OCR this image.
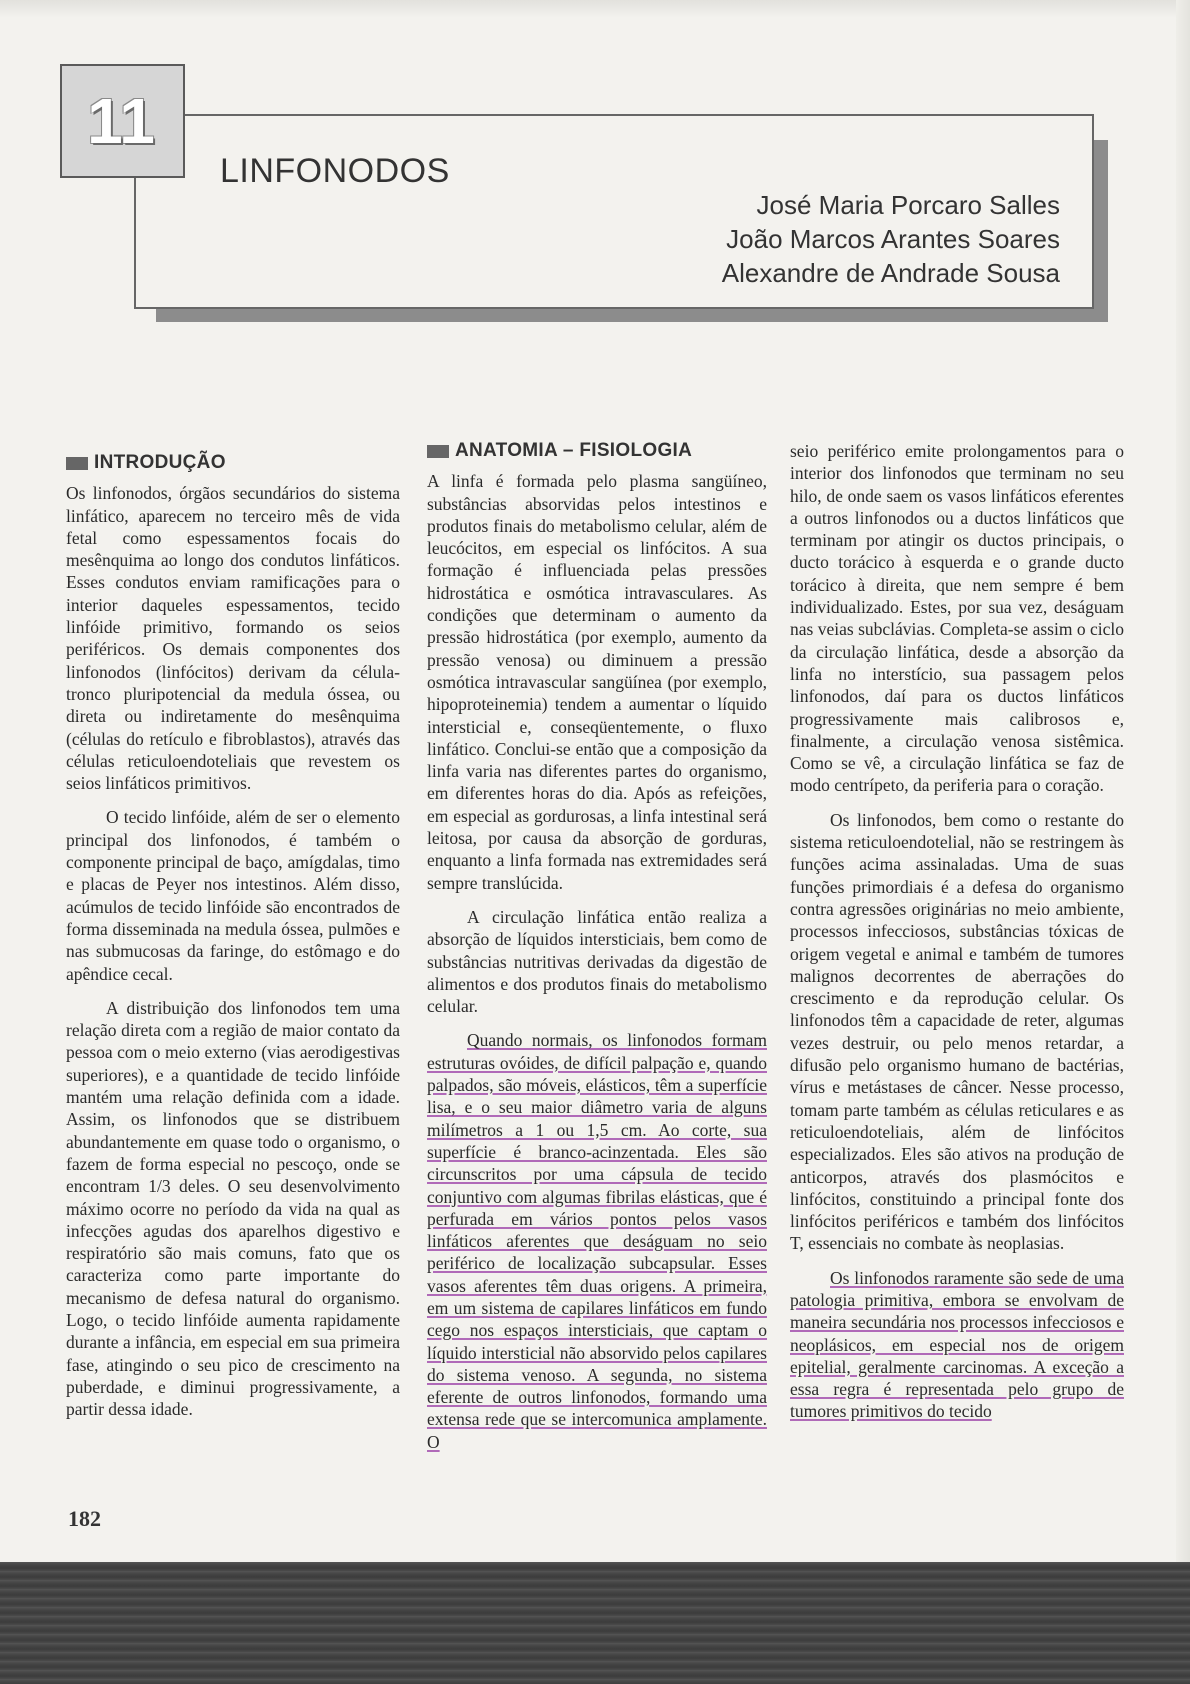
11
LINFONODOS
José Maria Porcaro Salles
João Marcos Arantes Soares
Alexandre de Andrade Sousa
INTRODUÇÃO

Os linfonodos, órgãos secundários do sistema linfático, aparecem no terceiro mês de vida fetal como espessamentos focais do mesênquima ao longo dos condutos linfáticos. Esses condutos enviam ramificações para o interior daqueles espessamentos, tecido linfóide primitivo, formando os seios periféricos. Os demais componentes dos linfonodos (linfócitos) derivam da célula-tronco pluripotencial da medula óssea, ou direta ou indiretamente do mesênquima (células do retículo e fibroblastos), através das células reticuloendoteliais que revestem os seios linfáticos primitivos.

O tecido linfóide, além de ser o elemento principal dos linfonodos, é também o componente principal de baço, amígdalas, timo e placas de Peyer nos intestinos. Além disso, acúmulos de tecido linfóide são encontrados de forma disseminada na medula óssea, pulmões e nas submucosas da faringe, do estômago e do apêndice cecal.

A distribuição dos linfonodos tem uma relação direta com a região de maior contato da pessoa com o meio externo (vias aerodigestivas superiores), e a quantidade de tecido linfóide mantém uma relação definida com a idade. Assim, os linfonodos que se distribuem abundantemente em quase todo o organismo, o fazem de forma especial no pescoço, onde se encontram 1/3 deles. O seu desenvolvimento máximo ocorre no período da vida na qual as infecções agudas dos aparelhos digestivo e respiratório são mais comuns, fato que os caracteriza como parte importante do mecanismo de defesa natural do organismo. Logo, o tecido linfóide aumenta rapidamente durante a infância, em especial em sua primeira fase, atingindo o seu pico de crescimento na puberdade, e diminui progressivamente, a partir dessa idade.

ANATOMIA – FISIOLOGIA

A linfa é formada pelo plasma sangüíneo, substâncias absorvidas pelos intestinos e produtos finais do metabolismo celular, além de leucócitos, em especial os linfócitos. A sua formação é influenciada pelas pressões hidrostática e osmótica intravasculares. As condições que determinam o aumento da pressão hidrostática (por exemplo, aumento da pressão venosa) ou diminuem a pressão osmótica intravascular sangüínea (por exemplo, hipoproteinemia) tendem a aumentar o líquido intersticial e, conseqüentemente, o fluxo linfático. Conclui-se então que a composição da linfa varia nas diferentes partes do organismo, em diferentes horas do dia. Após as refeições, em especial as gordurosas, a linfa intestinal será leitosa, por causa da absorção de gorduras, enquanto a linfa formada nas extremidades será sempre translúcida.

A circulação linfática então realiza a absorção de líquidos intersticiais, bem como de substâncias nutritivas derivadas da digestão de alimentos e dos produtos finais do metabolismo celular.

Quando normais, os linfonodos formam estruturas ovóides, de difícil palpação e, quando palpados, são móveis, elásticos, têm a superfície lisa, e o seu maior diâmetro varia de alguns milímetros a 1 ou 1,5 cm. Ao corte, sua superfície é branco-acinzentada. Eles são circunscritos por uma cápsula de tecido conjuntivo com algumas fibrilas elásticas, que é perfurada em vários pontos pelos vasos linfáticos aferentes que deságuam no seio periférico de localização subcapsular. Esses vasos aferentes têm duas origens. A primeira, em um sistema de capilares linfáticos em fundo cego nos espaços intersticiais, que captam o líquido intersticial não absorvido pelos capilares do sistema venoso. A segunda, no sistema eferente de outros linfonodos, formando uma extensa rede que se intercomunica amplamente. O

seio periférico emite prolongamentos para o interior dos linfonodos que terminam no seu hilo, de onde saem os vasos linfáticos eferentes a outros linfonodos ou a ductos linfáticos que terminam por atingir os ductos principais, o ducto torácico à esquerda e o grande ducto torácico à direita, que nem sempre é bem individualizado. Estes, por sua vez, deságuam nas veias subclávias. Completa-se assim o ciclo da circulação linfática, desde a absorção da linfa no interstício, sua passagem pelos linfonodos, daí para os ductos linfáticos progressivamente mais calibrosos e, finalmente, a circulação venosa sistêmica. Como se vê, a circulação linfática se faz de modo centrípeto, da periferia para o coração.

Os linfonodos, bem como o restante do sistema reticuloendotelial, não se restringem às funções acima assinaladas. Uma de suas funções primordiais é a defesa do organismo contra agressões originárias no meio ambiente, processos infecciosos, substâncias tóxicas de origem vegetal e animal e também de tumores malignos decorrentes de aberrações do crescimento e da reprodução celular. Os linfonodos têm a capacidade de reter, algumas vezes destruir, ou pelo menos retardar, a difusão pelo organismo humano de bactérias, vírus e metástases de câncer. Nesse processo, tomam parte também as células reticulares e as reticuloendoteliais, além de linfócitos especializados. Eles são ativos na produção de anticorpos, através dos plasmócitos e linfócitos, constituindo a principal fonte dos linfócitos periféricos e também dos linfócitos T, essenciais no combate às neoplasias.

Os linfonodos raramente são sede de uma patologia primitiva, embora se envolvam de maneira secundária nos processos infecciosos e neoplásicos, em especial nos de origem epitelial, geralmente carcinomas. A exceção a essa regra é representada pelo grupo de tumores primitivos do tecido

182
